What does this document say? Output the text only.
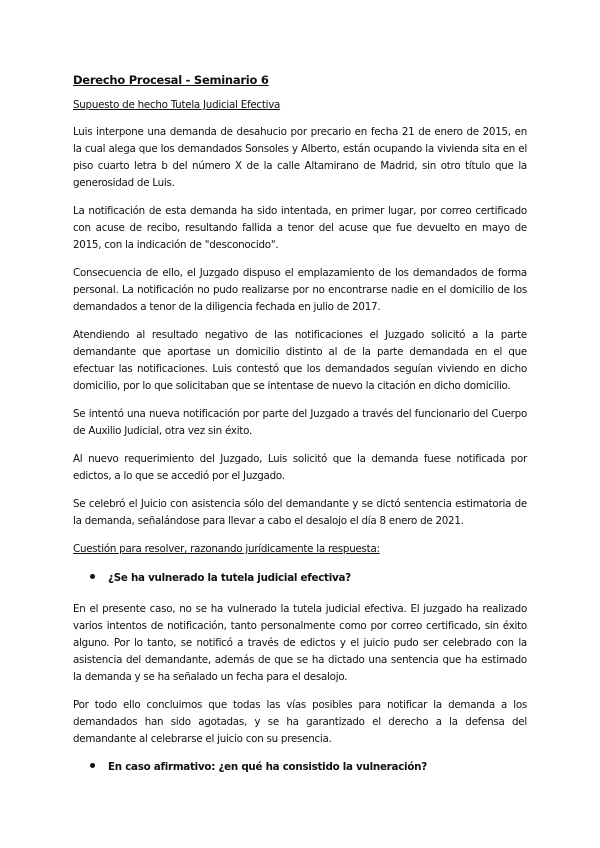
Derecho Procesal - Seminario 6
Supuesto de hecho Tutela Judicial Efectiva

Luis interpone una demanda de desahucio por precario en fecha 21 de enero de 2015, en la cual alega que los demandados Sonsoles y Alberto, están ocupando la vivienda sita en el piso cuarto letra b del número X de la calle Altamirano de Madrid, sin otro título que la generosidad de Luis.

La notificación de esta demanda ha sido intentada, en primer lugar, por correo certificado con acuse de recibo, resultando fallida a tenor del acuse que fue devuelto en mayo de 2015, con la indicación de "desconocido".

Consecuencia de ello, el Juzgado dispuso el emplazamiento de los demandados de forma personal. La notificación no pudo realizarse por no encontrarse nadie en el domicilio de los demandados a tenor de la diligencia fechada en julio de 2017.

Atendiendo al resultado negativo de las notificaciones el Juzgado solicitó a la parte demandante que aportase un domicilio distinto al de la parte demandada en el que efectuar las notificaciones. Luis contestó que los demandados seguían viviendo en dicho domicilio, por lo que solicitaban que se intentase de nuevo la citación en dicho domicilio.

Se intentó una nueva notificación por parte del Juzgado a través del funcionario del Cuerpo de Auxilio Judicial, otra vez sin éxito.

Al nuevo requerimiento del Juzgado, Luis solicitó que la demanda fuese notificada por edictos, a lo que se accedió por el Juzgado.

Se celebró el Juicio con asistencia sólo del demandante y se dictó sentencia estimatoria de la demanda, señalándose para llevar a cabo el desalojo el día 8 enero de 2021.

Cuestión para resolver, razonando jurídicamente la respuesta:
¿Se ha vulnerado la tutela judicial efectiva?

En el presente caso, no se ha vulnerado la tutela judicial efectiva. El juzgado ha realizado varios intentos de notificación, tanto personalmente como por correo certificado, sin éxito alguno. Por lo tanto, se notificó a través de edictos y el juicio pudo ser celebrado con la asistencia del demandante, además de que se ha dictado una sentencia que ha estimado la demanda y se ha señalado un fecha para el desalojo.

Por todo ello concluimos que todas las vías posibles para notificar la demanda a los demandados han sido agotadas, y se ha garantizado el derecho a la defensa del demandante al celebrarse el juicio con su presencia.

En caso afirmativo: ¿en qué ha consistido la vulneración?
